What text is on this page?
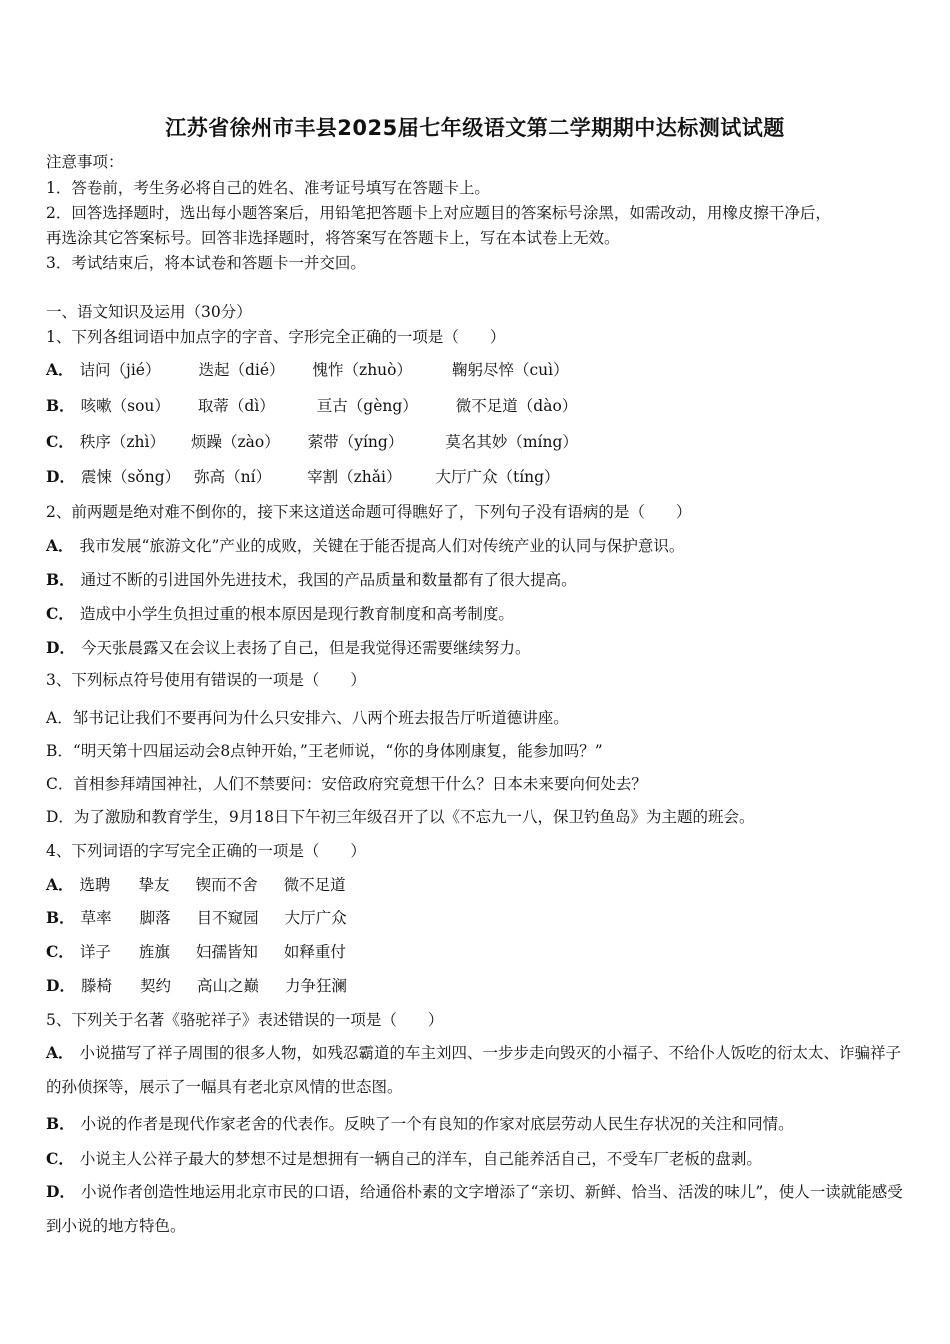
江苏省徐州市丰县2025届七年级语文第二学期期中达标测试试题
注意事项：
1．答卷前，考生务必将自己的姓名、准考证号填写在答题卡上。
2．回答选择题时，选出每小题答案后，用铅笔把答题卡上对应题目的答案标号涂黑，如需改动，用橡皮擦干净后，
再选涂其它答案标号。回答非选择题时，将答案写在答题卡上，写在本试卷上无效。
3．考试结束后，将本试卷和答题卡一并交回。
一、语文知识及运用（30分）
1、下列各组词语中加点字的字音、字形完全正确的一项是（　　）
A． 诘问（jié） 迭起（dié） 愧怍（zhuò）	鞠躬尽悴（cuì）
B． 咳嗽（sou） 取蒂（dì）	亘古（gèng） 微不足道（dào）
C． 秩序（zhì） 烦躁（zào） 萦带（yíng）	莫名其妙（míng）
D． 震悚（sǒng） 弥高（ní） 宰割（zhǎi） 大厅广众（tíng）
2、前两题是绝对难不倒你的，接下来这道送命题可得瞧好了，下列句子没有语病的是（　　）
A． 我市发展“旅游文化”产业的成败，关键在于能否提高人们对传统产业的认同与保护意识。
B． 通过不断的引进国外先进技术，我国的产品质量和数量都有了很大提高。
C． 造成中小学生负担过重的根本原因是现行教育制度和高考制度。
D． 今天张晨露又在会议上表扬了自己，但是我觉得还需要继续努力。
3、下列标点符号使用有错误的一项是（　　）
A．邹书记让我们不要再问为什么只安排六、八两个班去报告厅听道德讲座。
B．“明天第十四届运动会8点钟开始，”王老师说，“你的身体刚康复，能参加吗？”
C．首相参拜靖国神社，人们不禁要问：安倍政府究竟想干什么？日本未来要向何处去？
D．为了激励和教育学生，9月18日下午初三年级召开了以《不忘九一八，保卫钓鱼岛》为主题的班会。
4、下列词语的字写完全正确的一项是（　　）
A． 选聘 挚友 锲而不舍 微不足道
B． 草率 脚落 目不窥园 大厅广众
C． 详子 旌旗 妇孺皆知 如释重付
D． 滕椅 契约 高山之巅 力争狂澜
5、下列关于名著《骆驼祥子》表述错误的一项是（　　）
A． 小说描写了祥子周围的很多人物，如残忍霸道的车主刘四、一步步走向毁灭的小福子、不给仆人饭吃的衍太太、诈骗祥子的孙侦探等，展示了一幅具有老北京风情的世态图。
B． 小说的作者是现代作家老舍的代表作。反映了一个有良知的作家对底层劳动人民生存状况的关注和同情。
C． 小说主人公祥子最大的梦想不过是想拥有一辆自己的洋车，自己能养活自己，不受车厂老板的盘剥。
D． 小说作者创造性地运用北京市民的口语，给通俗朴素的文字增添了“亲切、新鲜、恰当、活泼的味儿”，使人一读就能感受到小说的地方特色。
